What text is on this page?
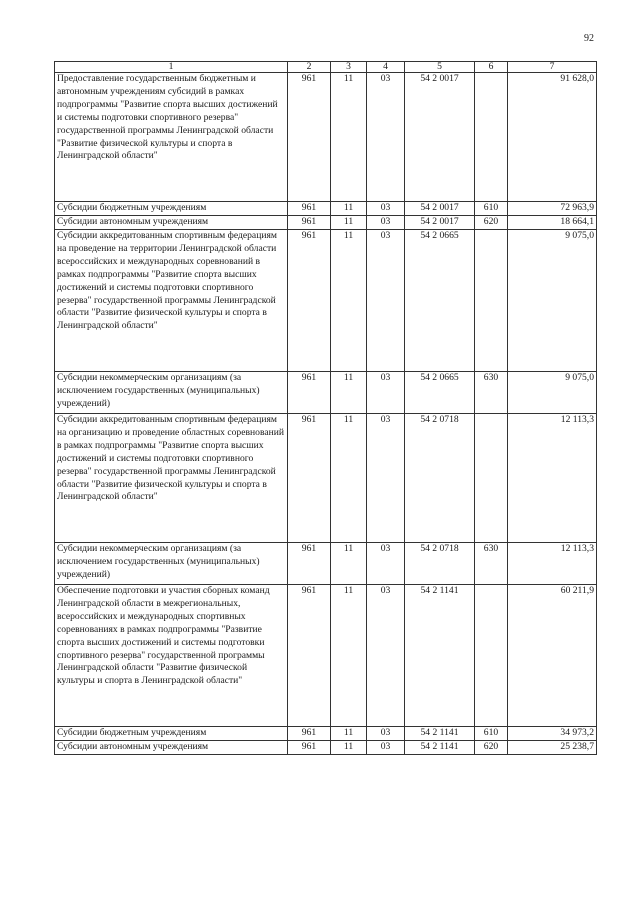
92
1	2	3	4	5	6	7
Предоставление государственным бюджетным и автономным учреждениям субсидий в рамках подпрограммы "Развитие спорта высших достижений и системы подготовки спортивного резерва" государственной программы Ленинградской области "Развитие физической культуры и спорта в Ленинградской области"	961	11	03	54 2 0017		91 628,0
Субсидии бюджетным учреждениям	961	11	03	54 2 0017	610	72 963,9
Субсидии автономным учреждениям	961	11	03	54 2 0017	620	18 664,1
Субсидии аккредитованным спортивным федерациям на проведение на территории Ленинградской области всероссийских и международных соревнований в рамках подпрограммы "Развитие спорта высших достижений и системы подготовки спортивного резерва" государственной программы Ленинградской области "Развитие физической культуры и спорта в Ленинградской области"	961	11	03	54 2 0665		9 075,0
Субсидии некоммерческим организациям (за исключением государственных (муниципальных) учреждений)	961	11	03	54 2 0665	630	9 075,0
Субсидии аккредитованным спортивным федерациям на организацию и проведение областных соревнований в рамках подпрограммы "Развитие спорта высших достижений и системы подготовки спортивного резерва" государственной программы Ленинградской области "Развитие физической культуры и спорта в Ленинградской области"	961	11	03	54 2 0718		12 113,3
Субсидии некоммерческим организациям (за исключением государственных (муниципальных) учреждений)	961	11	03	54 2 0718	630	12 113,3
Обеспечение подготовки и участия сборных команд Ленинградской области в межрегиональных, всероссийских и международных спортивных соревнованиях в рамках подпрограммы "Развитие спорта высших достижений и системы подготовки спортивного резерва" государственной программы Ленинградской области "Развитие физической культуры и спорта в Ленинградской области"	961	11	03	54 2 1141		60 211,9
Субсидии бюджетным учреждениям	961	11	03	54 2 1141	610	34 973,2
Субсидии автономным учреждениям	961	11	03	54 2 1141	620	25 238,7
